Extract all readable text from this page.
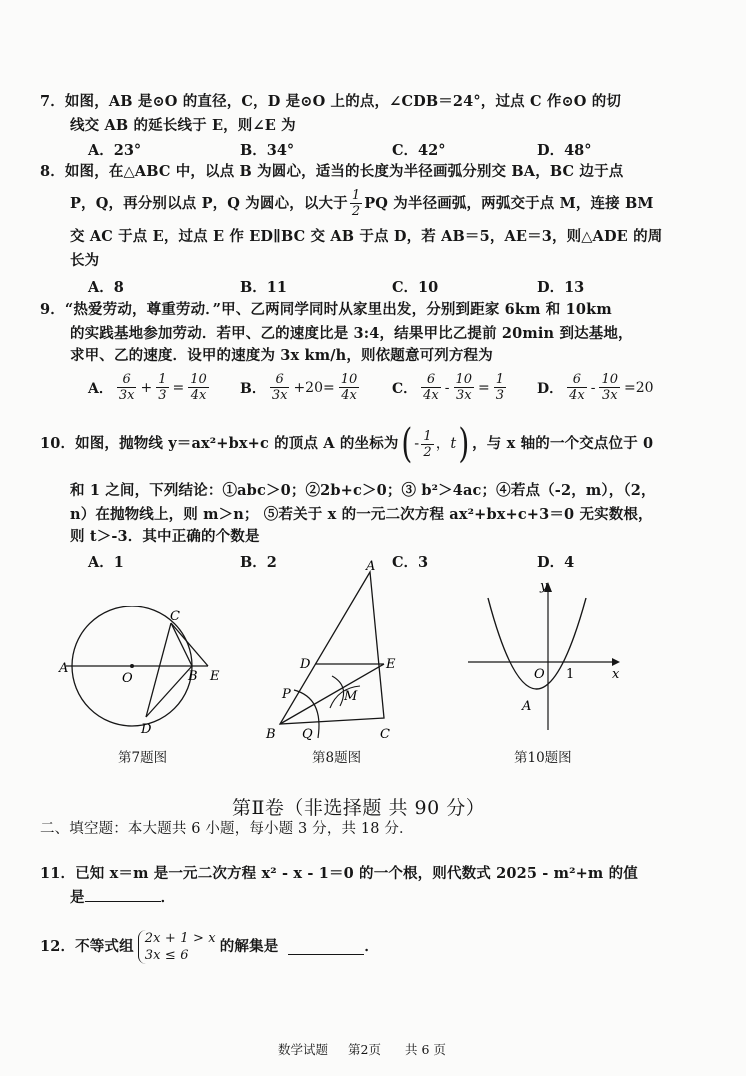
7．如图，AB 是⊙O 的直径，C，D 是⊙O 上的点，∠CDB＝24°，过点 C 作⊙O 的切
线交 AB 的延长线于 E，则∠E 为
A．23°	B．34°	C．42°	D．48°
8．如图，在△ABC 中，以点 B 为圆心，适当的长度为半径画弧分别交 BA，BC 边于点
P，Q，再分别以点 P，Q 为圆心，以大于 $\frac{1}{2}$ PQ 为半径画弧，两弧交于点 M，连接 BM
交 AC 于点 E，过点 E 作 ED∥BC 交 AB 于点 D，若 AB＝5，AE＝3，则△ADE 的周
长为
A．8	B．11	C．10	D．13
9．“热爱劳动，尊重劳动．”甲、乙两同学同时从家里出发，分别到距家 6km 和 10km
的实践基地参加劳动．若甲、乙的速度比是 3:4，结果甲比乙提前 20min 到达基地，
求甲、乙的速度．设甲的速度为 3x km/h，则依题意可列方程为
A． $\frac{6}{3x} + \frac{1}{3} = \frac{10}{4x}$ B． $\frac{6}{3x} +20= \frac{10}{4x}$ C． $\frac{6}{4x} - \frac{10}{3x} = \frac{1}{3}$ D． $\frac{6}{4x} - \frac{10}{3x} =20$
10．如图，抛物线 y＝ax²+bx+c 的顶点 A 的坐标为 ( - $\frac{1}{2}$ ， t ) ，与 x 轴的一个交点位于 0
和 1 之间，下列结论：①abc＞0；②2b+c＞0；③ b²＞4ac；④若点（-2，m），（2，
n）在抛物线上，则 m＞n； ⑤若关于 x 的一元二次方程 ax²+bx+c+3＝0 无实数根，
则 t＞-3．其中正确的个数是
A．1	B．2	C．3	D．4
A
O
C
B E
D
第7题图
A
D	E
P	M
B Q	C
第8题图
y
O 1	x
A
第10题图
第Ⅱ卷（非选择题 共 90 分）
二、填空题：本大题共 6 小题，每小题 3 分，共 18 分．
11．已知 x＝m 是一元二次方程 x² - x - 1＝0 的一个根，则代数式 2025 - m²+m 的值
是	．
12．不等式组 2x + 1 > x
3x ≤ 6
的解集是	．
数学试题 第2页 共 6 页
